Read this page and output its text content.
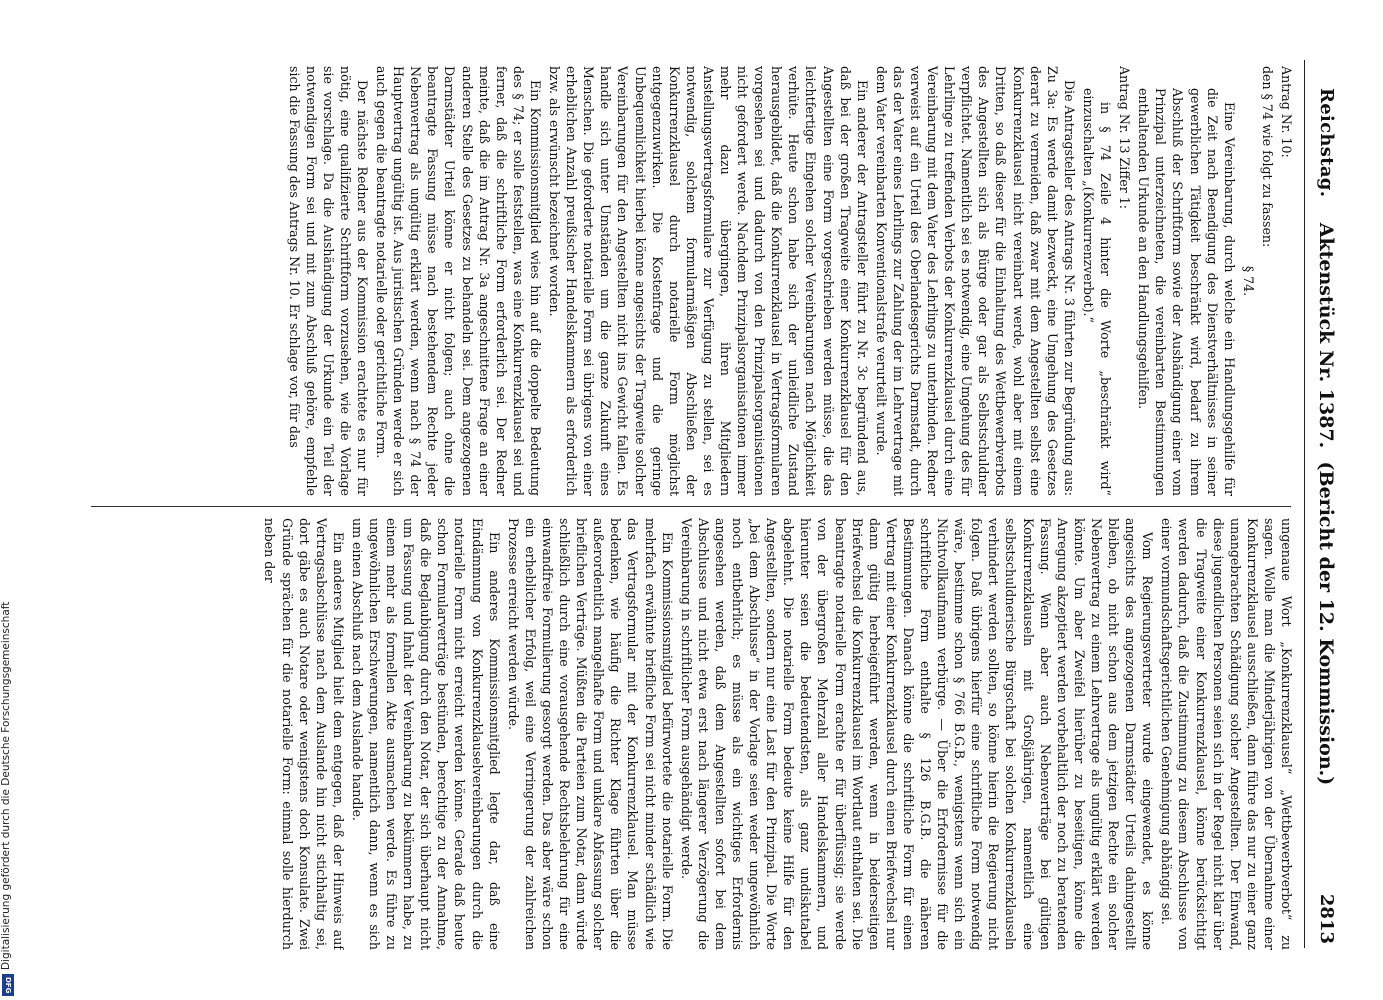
Reichstag.
Aktenstück Nr. 1387.  (Bericht der 12. Kommission.)
2813

Antrag Nr. 10:

den § 74 wie folgt zu fassen:

§ 74.

Eine Vereinbarung, durch welche ein Handlungsgehilfe für die Zeit nach Beendigung des Dienstverhältnisses in seiner gewerblichen Tätigkeit beschränkt wird, bedarf zu ihrem Abschluß der Schriftform sowie der Aushändigung einer vom Prinzipal unterzeichneten, die vereinbarten Bestimmungen enthaltenden Urkunde an den Handlungsgehilfen.

Antrag Nr. 13 Ziffer 1:

in § 74 Zeile 4 hinter die Worte „beschränkt wird“ einzuschalten „(Konkurrenzverbot).“

Die Antragsteller des Antrags Nr. 3 führten zur Begründung aus: Zu 3a: Es werde damit bezweckt, eine Umgehung des Gesetzes derart zu vermeiden, daß zwar mit dem Angestellten selbst eine Konkurrenzklausel nicht vereinbart werde, wohl aber mit einem Dritten, so daß dieser für die Einhaltung des Wettbewerbverbots des Angestellten sich als Bürge oder gar als Selbstschuldner verpflichtet. Namentlich sei es notwendig, eine Umgehung des für Lehrlinge zu treffenden Verbots der Konkurrenzklausel durch eine Vereinbarung mit dem Vater des Lehrlings zu unterbinden. Redner verweist auf ein Urteil des Oberlandesgerichts Darmstadt, durch das der Vater eines Lehrlings zur Zahlung der im Lehrvertrage mit dem Vater vereinbarten Konventionalstrafe verurteilt wurde.

Ein anderer der Antragsteller führt zu Nr. 3c begründend aus, daß bei der großen Tragweite einer Konkurrenzklausel für den Angestellten eine Form vorgeschrieben werden müsse, die das leichtfertige Eingehen solcher Vereinbarungen nach Möglichkeit verhüte. Heute schon habe sich der unleidliche Zustand herausgebildet, daß die Konkurrenzklausel in Vertragsformularen vorgesehen sei und dadurch von den Prinzipalsorganisationen nicht gefordert werde. Nachdem Prinzipalsorganisationen immer mehr dazu übergingen, ihren Mitgliedern Anstellungsvertragsformulare zur Verfügung zu stellen, sei es notwendig, solchem formularmäßigen Abschließen der Konkurrenzklausel durch notarielle Form möglichst entgegenzuwirken. Die Kostenfrage und die geringe Unbequemlichkeit hierbei könne angesichts der Tragweite solcher Vereinbarungen für den Angestellten nicht ins Gewicht fallen. Es handle sich unter Umständen um die ganze Zukunft eines Menschen. Die geforderte notarielle Form sei übrigens von einer erheblichen Anzahl preußischer Handelskammern als erforderlich bzw. als erwünscht bezeichnet worden.

Ein Kommissionsmitglied wies hin auf die doppelte Bedeutung des § 74; er solle feststellen, was eine Konkurrenzklausel sei und ferner, daß die schriftliche Form erforderlich sei. Der Redner meinte, daß die im Antrag Nr. 3a angeschnittene Frage an einer anderen Stelle des Gesetzes zu behandeln sei. Dem angezogenen Darmstädter Urteil könne er nicht folgen; auch ohne die beantragte Fassung müsse nach bestehendem Rechte jeder Nebenvertrag als ungültig erklärt werden, wenn nach § 74 der Hauptvertrag ungültig ist. Aus juristischen Gründen werde er sich auch gegen die beantragte notarielle oder gerichtliche Form.

Der nächste Redner aus der Kommission erachtete es nur für nötig, eine qualifizierte Schriftform vorzusehen, wie die Vorlage sie vorschlage. Da die Aushändigung der Urkunde ein Teil der notwendigen Form sei und mit zum Abschluß gehöre, empfehle sich die Fassung des Antrags Nr. 10. Er schlage vor, für das

ungenaue Wort „Konkurrenzklausel“ „Wettbewerbverbot“ zu sagen. Wolle man die Minderjährigen von der Übernahme einer Konkurrenzklausel ausschließen, dann führe das nur zu einer ganz unangebrachten Schädigung solcher Angestellten. Der Einwand, diese jugendlichen Personen seien sich in der Regel nicht klar über die Tragweite einer Konkurrenzklausel, könne berücksichtigt werden dadurch, daß die Zustimmung zu diesem Abschlusse von einer vormundschaftsgerichtlichen Genehmigung abhängig sei.

Vom Regierungsvertreter wurde eingewendet, es könne angesichts des angezogenen Darmstädter Urteils dahingestellt bleiben, ob nicht schon aus dem jetzigen Rechte ein solcher Nebenvertrag zu einem Lehrvertrage als ungültig erklärt werden könnte. Um aber Zweifel hierüber zu beseitigen, könne die Anregung akzeptiert werden vorbehaltlich der noch zu beratenden Fassung. Wenn aber auch Nebenverträge bei gültigen Konkurrenzklauseln mit Großjährigen, namentlich eine selbstschuldnerische Bürgschaft bei solchen Konkurrenzklauseln verhindert werden sollten, so könne hierin die Regierung nicht folgen. Daß übrigens hierfür eine schriftliche Form notwendig wäre, bestimme schon § 766 B.G.B., wenigstens wenn sich ein Nichtvollkaufmann verbürge. — Über die Erfordernisse für die schriftliche Form enthalte § 126 B.G.B. die näheren Bestimmungen. Danach könne die schriftliche Form für einen Vertrag mit einer Konkurrenzklausel durch einen Briefwechsel nur dann gültig herbeigeführt werden, wenn in beiderseitigen Briefwechsel die Konkurrenzklausel im Wortlaut enthalten sei. Die beantragte notarielle Form erachte er für überflüssig; sie werde von der übergroßen Mehrzahl aller Handelskammern, und hierunter seien die bedeutendsten, als ganz undiskutabel abgelehnt. Die notarielle Form bedeute keine Hilfe für den Angestellten, sondern nur eine Last für den Prinzipal. Die Worte „bei dem Abschlusse“ in der Vorlage seien weder ungewöhnlich noch entbehrlich; es müsse als ein wichtiges Erfordernis angesehen werden, daß dem Angestellten sofort bei dem Abschlusse und nicht etwa erst nach längerer Verzögerung die Vereinbarung in schriftlicher Form ausgehändigt werde.

Ein Kommissionsmitglied befürwortete die notarielle Form. Die mehrfach erwähnte briefliche Form sei nicht minder schädlich wie das Vertragsformular mit der Konkurrenzklausel. Man müsse bedenken, wie häufig die Richter Klage führten über die außerordentlich mangelhafte Form und unklare Abfassung solcher brieflichen Verträge. Müßten die Parteien zum Notar, dann würde schließlich durch eine vorausgehende Rechtsbelehrung für eine einwandfreie Formulierung gesorgt werden. Das aber wäre schon ein erheblicher Erfolg, weil eine Verringerung der zahlreichen Prozesse erreicht werden würde.

Ein anderes Kommissionsmitglied legte dar, daß eine Eindämmung von Konkurrenzklauselvereinbarungen durch die notarielle Form nicht erreicht werden könne. Gerade daß heute schon Formularverträge bestünden, berechtige zu der Annahme, daß die Beglaubigung durch den Notar, der sich überhaupt nicht um Fassung und Inhalt der Vereinbarung zu bekümmern habe, zu einem mehr als formellen Akte ausmachen werde. Es führe zu ungewöhnlichen Erschwerungen, namentlich dann, wenn es sich um einen Abschluß nach dem Auslande handle.

Ein anderes Mitglied hielt dem entgegen, daß der Hinweis auf Vertragsabschlüsse nach dem Auslande hin nicht stichhaltig sei, dort gäbe es auch Notare oder wenigstens doch Konsulate. Zwei Gründe sprächen für die notarielle Form: einmal solle hierdurch neben der

Digitalisierung gefördert durch die Deutsche Forschungsgemeinschaft
DFG
